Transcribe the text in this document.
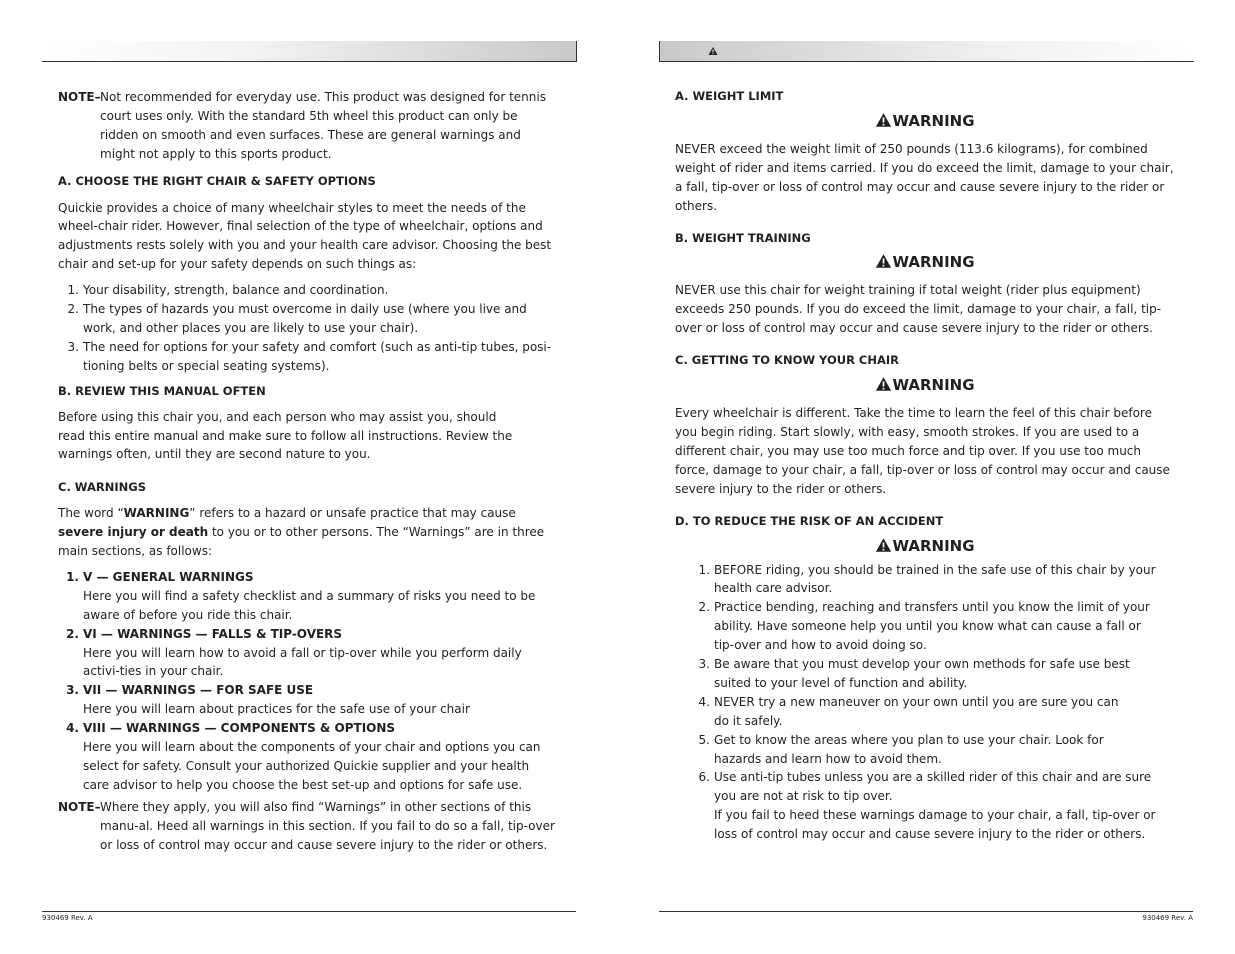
NOTE– Not recommended for everyday use. This product was designed for tennis court uses only. With the standard 5th wheel this product can only be ridden on smooth and even surfaces. These are general warnings and might not apply to this sports product.

A. CHOOSE THE RIGHT CHAIR & SAFETY OPTIONS

Quickie provides a choice of many wheelchair styles to meet the needs of the wheel-chair rider. However, final selection of the type of wheelchair, options and adjustments rests solely with you and your health care advisor. Choosing the best chair and set-up for your safety depends on such things as:

1. Your disability, strength, balance and coordination.
2. The types of hazards you must overcome in daily use (where you live and work, and other places you are likely to use your chair).
3. The need for options for your safety and comfort (such as anti-tip tubes, posi-tioning belts or special seating systems).

B. REVIEW THIS MANUAL OFTEN

Before using this chair you, and each person who may assist you, should

read this entire manual and make sure to follow all instructions. Review the warnings often, until they are second nature to you.

C. WARNINGS

The word “WARNING” refers to a hazard or unsafe practice that may cause severe injury or death to you or to other persons. The “Warnings” are in three main sections, as follows:

1. V — GENERAL WARNINGS
Here you will find a safety checklist and a summary of risks you need to be aware of before you ride this chair.
2. VI — WARNINGS — FALLS & TIP-OVERS
Here you will learn how to avoid a fall or tip-over while you perform daily activi-ties in your chair.
3. VII — WARNINGS — FOR SAFE USE
Here you will learn about practices for the safe use of your chair
4. VIII — WARNINGS — COMPONENTS & OPTIONS
Here you will learn about the components of your chair and options you can select for safety. Consult your authorized Quickie supplier and your health care advisor to help you choose the best set-up and options for safe use.
NOTE– Where they apply, you will also find “Warnings” in other sections of this manu-al. Heed all warnings in this section. If you fail to do so a fall, tip-over or loss of control may occur and cause severe injury to the rider or others.
930469 Rev. A

A. WEIGHT LIMIT

WARNING

NEVER exceed the weight limit of 250 pounds (113.6 kilograms), for combined weight of rider and items carried. If you do exceed the limit, damage to your chair, a fall, tip-over or loss of control may occur and cause severe injury to the rider or others.

B. WEIGHT TRAINING

WARNING

NEVER use this chair for weight training if total weight (rider plus equipment) exceeds 250 pounds. If you do exceed the limit, damage to your chair, a fall, tip-over or loss of control may occur and cause severe injury to the rider or others.

C. GETTING TO KNOW YOUR CHAIR

WARNING

Every wheelchair is different. Take the time to learn the feel of this chair before you begin riding. Start slowly, with easy, smooth strokes. If you are used to a different chair, you may use too much force and tip over. If you use too much force, damage to your chair, a fall, tip-over or loss of control may occur and cause severe injury to the rider or others.

D. TO REDUCE THE RISK OF AN ACCIDENT

WARNING

1. BEFORE riding, you should be trained in the safe use of this chair by your health care advisor.
2. Practice bending, reaching and transfers until you know the limit of your ability. Have someone help you until you know what can cause a fall or
tip-over and how to avoid doing so.
3. Be aware that you must develop your own methods for safe use best
suited to your level of function and ability.
4. NEVER try a new maneuver on your own until you are sure you can
do it safely.
5. Get to know the areas where you plan to use your chair. Look for
hazards and learn how to avoid them.
6. Use anti-tip tubes unless you are a skilled rider of this chair and are sure you are not at risk to tip over.
If you fail to heed these warnings damage to your chair, a fall, tip-over or loss of control may occur and cause severe injury to the rider or others.
930469 Rev. A
